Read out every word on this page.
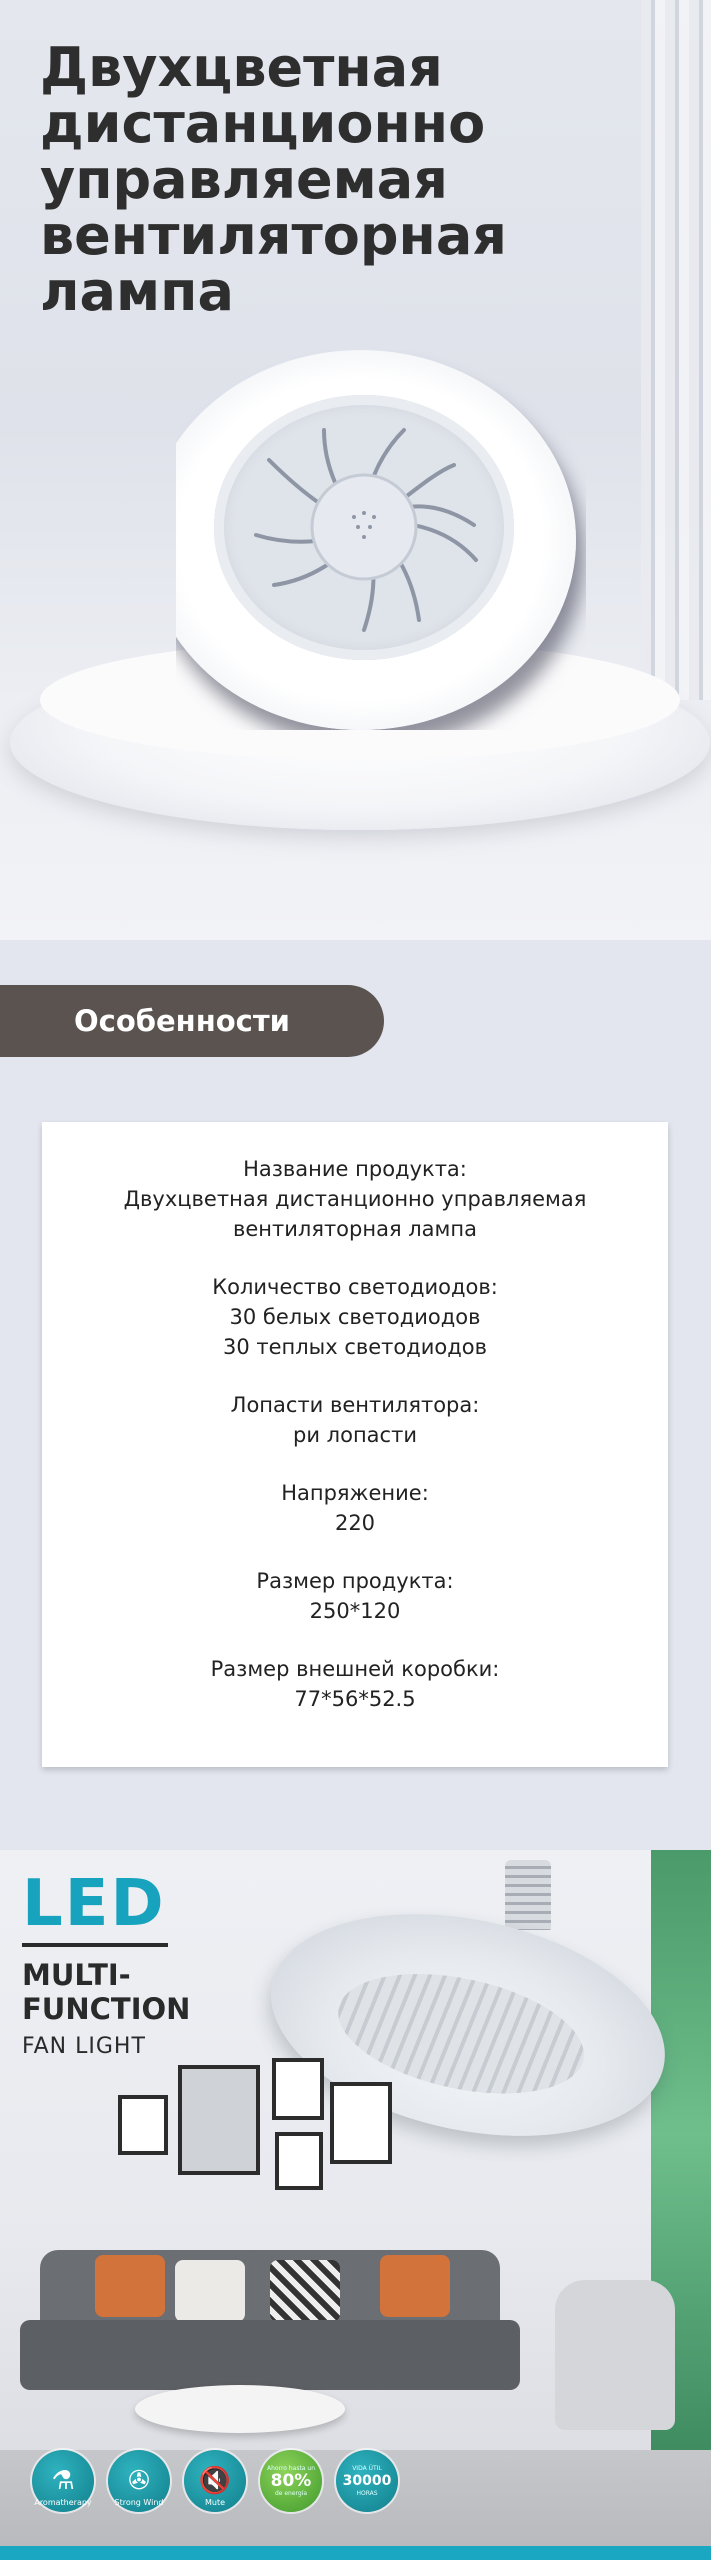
Двухцветная
дистанционно
управляемая
вентиляторная
лампа
Особенности
Название продукта:
Двухцветная дистанционно управляемая
вентиляторная лампа
Количество светодиодов:
30 белых светодиодов
30 теплых светодиодов
Лопасти вентилятора:
ри лопасти
Напряжение:
220
Размер продукта:
250*120
Размер внешней коробки:
77*56*52.5
LED
MULTI-
FUNCTION
FAN LIGHT
⚗
Aromatherapy
✇
Strong Wind
🔇
Mute
Ahorro hasta un
80%
de energía
VIDA ÚTIL
30000
HORAS
